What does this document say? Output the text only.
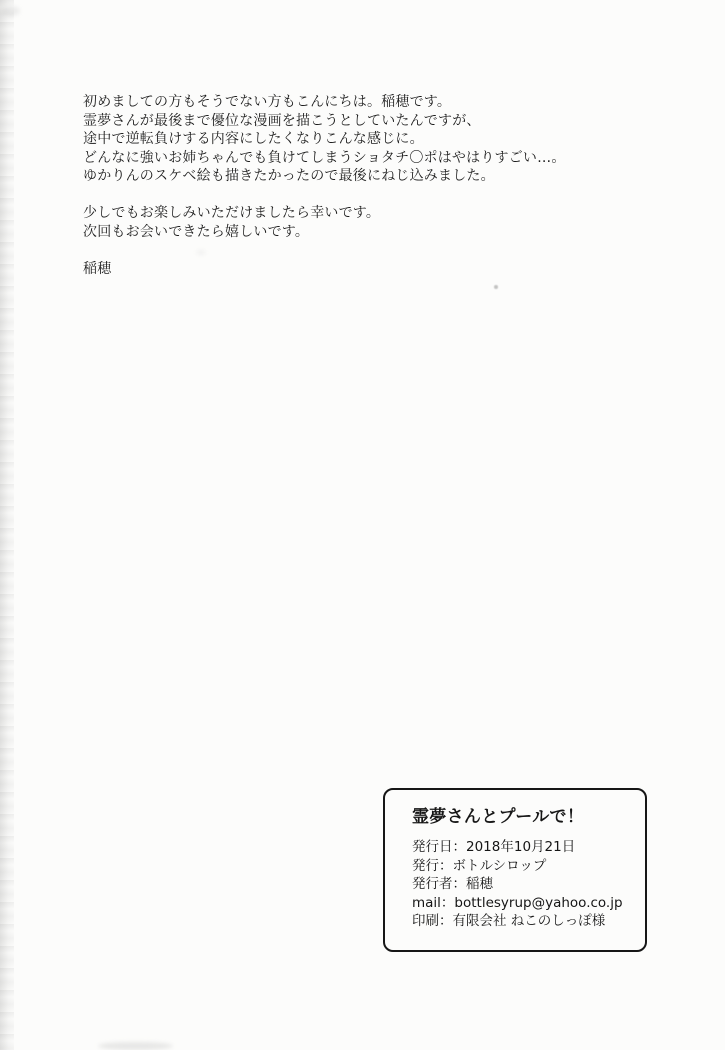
初めましての方もそうでない方もこんにちは。稲穂です。
霊夢さんが最後まで優位な漫画を描こうとしていたんですが、
途中で逆転負けする内容にしたくなりこんな感じに。
どんなに強いお姉ちゃんでも負けてしまうショタチ〇ポはやはりすごい…。
ゆかりんのスケベ絵も描きたかったので最後にねじ込みました。
少しでもお楽しみいただけましたら幸いです。
次回もお会いできたら嬉しいです。
稲穂
霊夢さんとプールで！
発行日：2018年10月21日
発行：ボトルシロップ
発行者：稲穂
mail：bottlesyrup@yahoo.co.jp
印刷：有限会社 ねこのしっぽ様
